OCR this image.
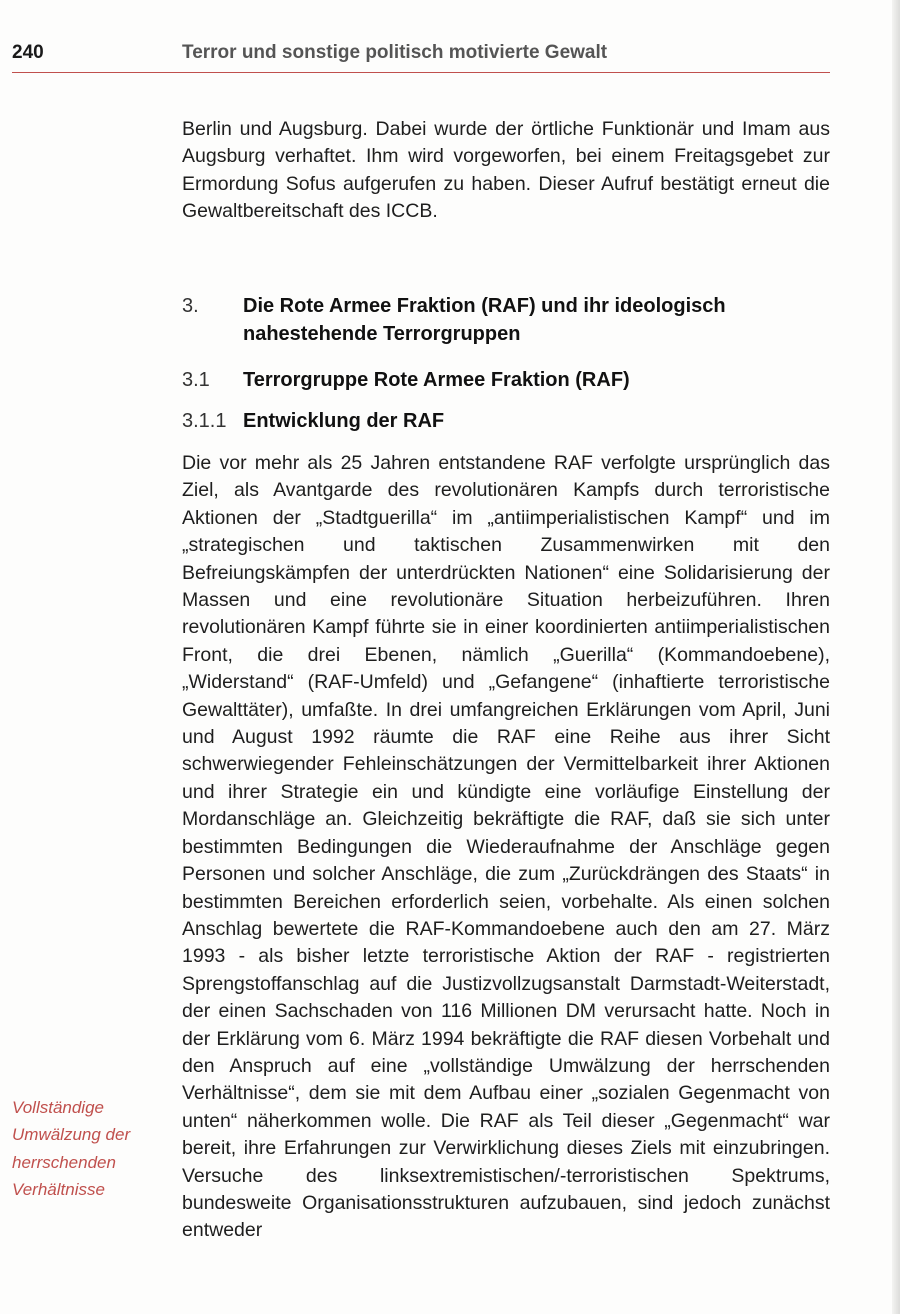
240	Terror und sonstige politisch motivierte Gewalt

Berlin und Augsburg. Dabei wurde der örtliche Funktionär und Imam aus Augsburg verhaftet. Ihm wird vorgeworfen, bei einem Freitagsgebet zur Ermordung Sofus aufgerufen zu haben. Dieser Aufruf bestätigt erneut die Gewaltbereitschaft des ICCB.

3. Die Rote Armee Fraktion (RAF) und ihr ideologisch nahestehende Terrorgruppen
3.1 Terrorgruppe Rote Armee Fraktion (RAF)
3.1.1 Entwicklung der RAF

Die vor mehr als 25 Jahren entstandene RAF verfolgte ursprünglich das Ziel, als Avantgarde des revolutionären Kampfs durch terroristische Aktionen der „Stadtguerilla“ im „antiimperialistischen Kampf“ und im „strategischen und taktischen Zusammenwirken mit den Befreiungskämpfen der unterdrückten Nationen“ eine Solidarisierung der Massen und eine revolutionäre Situation herbeizuführen. Ihren revolutionären Kampf führte sie in einer koordinierten antiimperialistischen Front, die drei Ebenen, nämlich „Guerilla“ (Kommandoebene), „Widerstand“ (RAF-Umfeld) und „Gefangene“ (inhaftierte terroristische Gewalttäter), umfaßte. In drei umfangreichen Erklärungen vom April, Juni und August 1992 räumte die RAF eine Reihe aus ihrer Sicht schwerwiegender Fehleinschätzungen der Vermittelbarkeit ihrer Aktionen und ihrer Strategie ein und kündigte eine vorläufige Einstellung der Mordanschläge an. Gleichzeitig bekräftigte die RAF, daß sie sich unter bestimmten Bedingungen die Wiederaufnahme der Anschläge gegen Personen und solcher Anschläge, die zum „Zurückdrängen des Staats“ in bestimmten Bereichen erforderlich seien, vorbehalte. Als einen solchen Anschlag bewertete die RAF-Kommandoebene auch den am 27. März 1993 - als bisher letzte terroristische Aktion der RAF - registrierten Sprengstoffanschlag auf die Justizvollzugsanstalt Darmstadt-Weiterstadt, der einen Sachschaden von 116 Millionen DM verursacht hatte. Noch in der Erklärung vom 6. März 1994 bekräftigte die RAF diesen Vorbehalt und den Anspruch auf eine „vollständige Umwälzung der herrschenden Verhältnisse“, dem sie mit dem Aufbau einer „sozialen Gegenmacht von unten“ näherkommen wolle. Die RAF als Teil dieser „Gegenmacht“ war bereit, ihre Erfahrungen zur Verwirklichung dieses Ziels mit einzubringen. Versuche des linksextremistischen/-terroristischen Spektrums, bundesweite Organisationsstrukturen aufzubauen, sind jedoch zunächst entweder

Vollständige
Umwälzung der
herrschenden
Verhältnisse
